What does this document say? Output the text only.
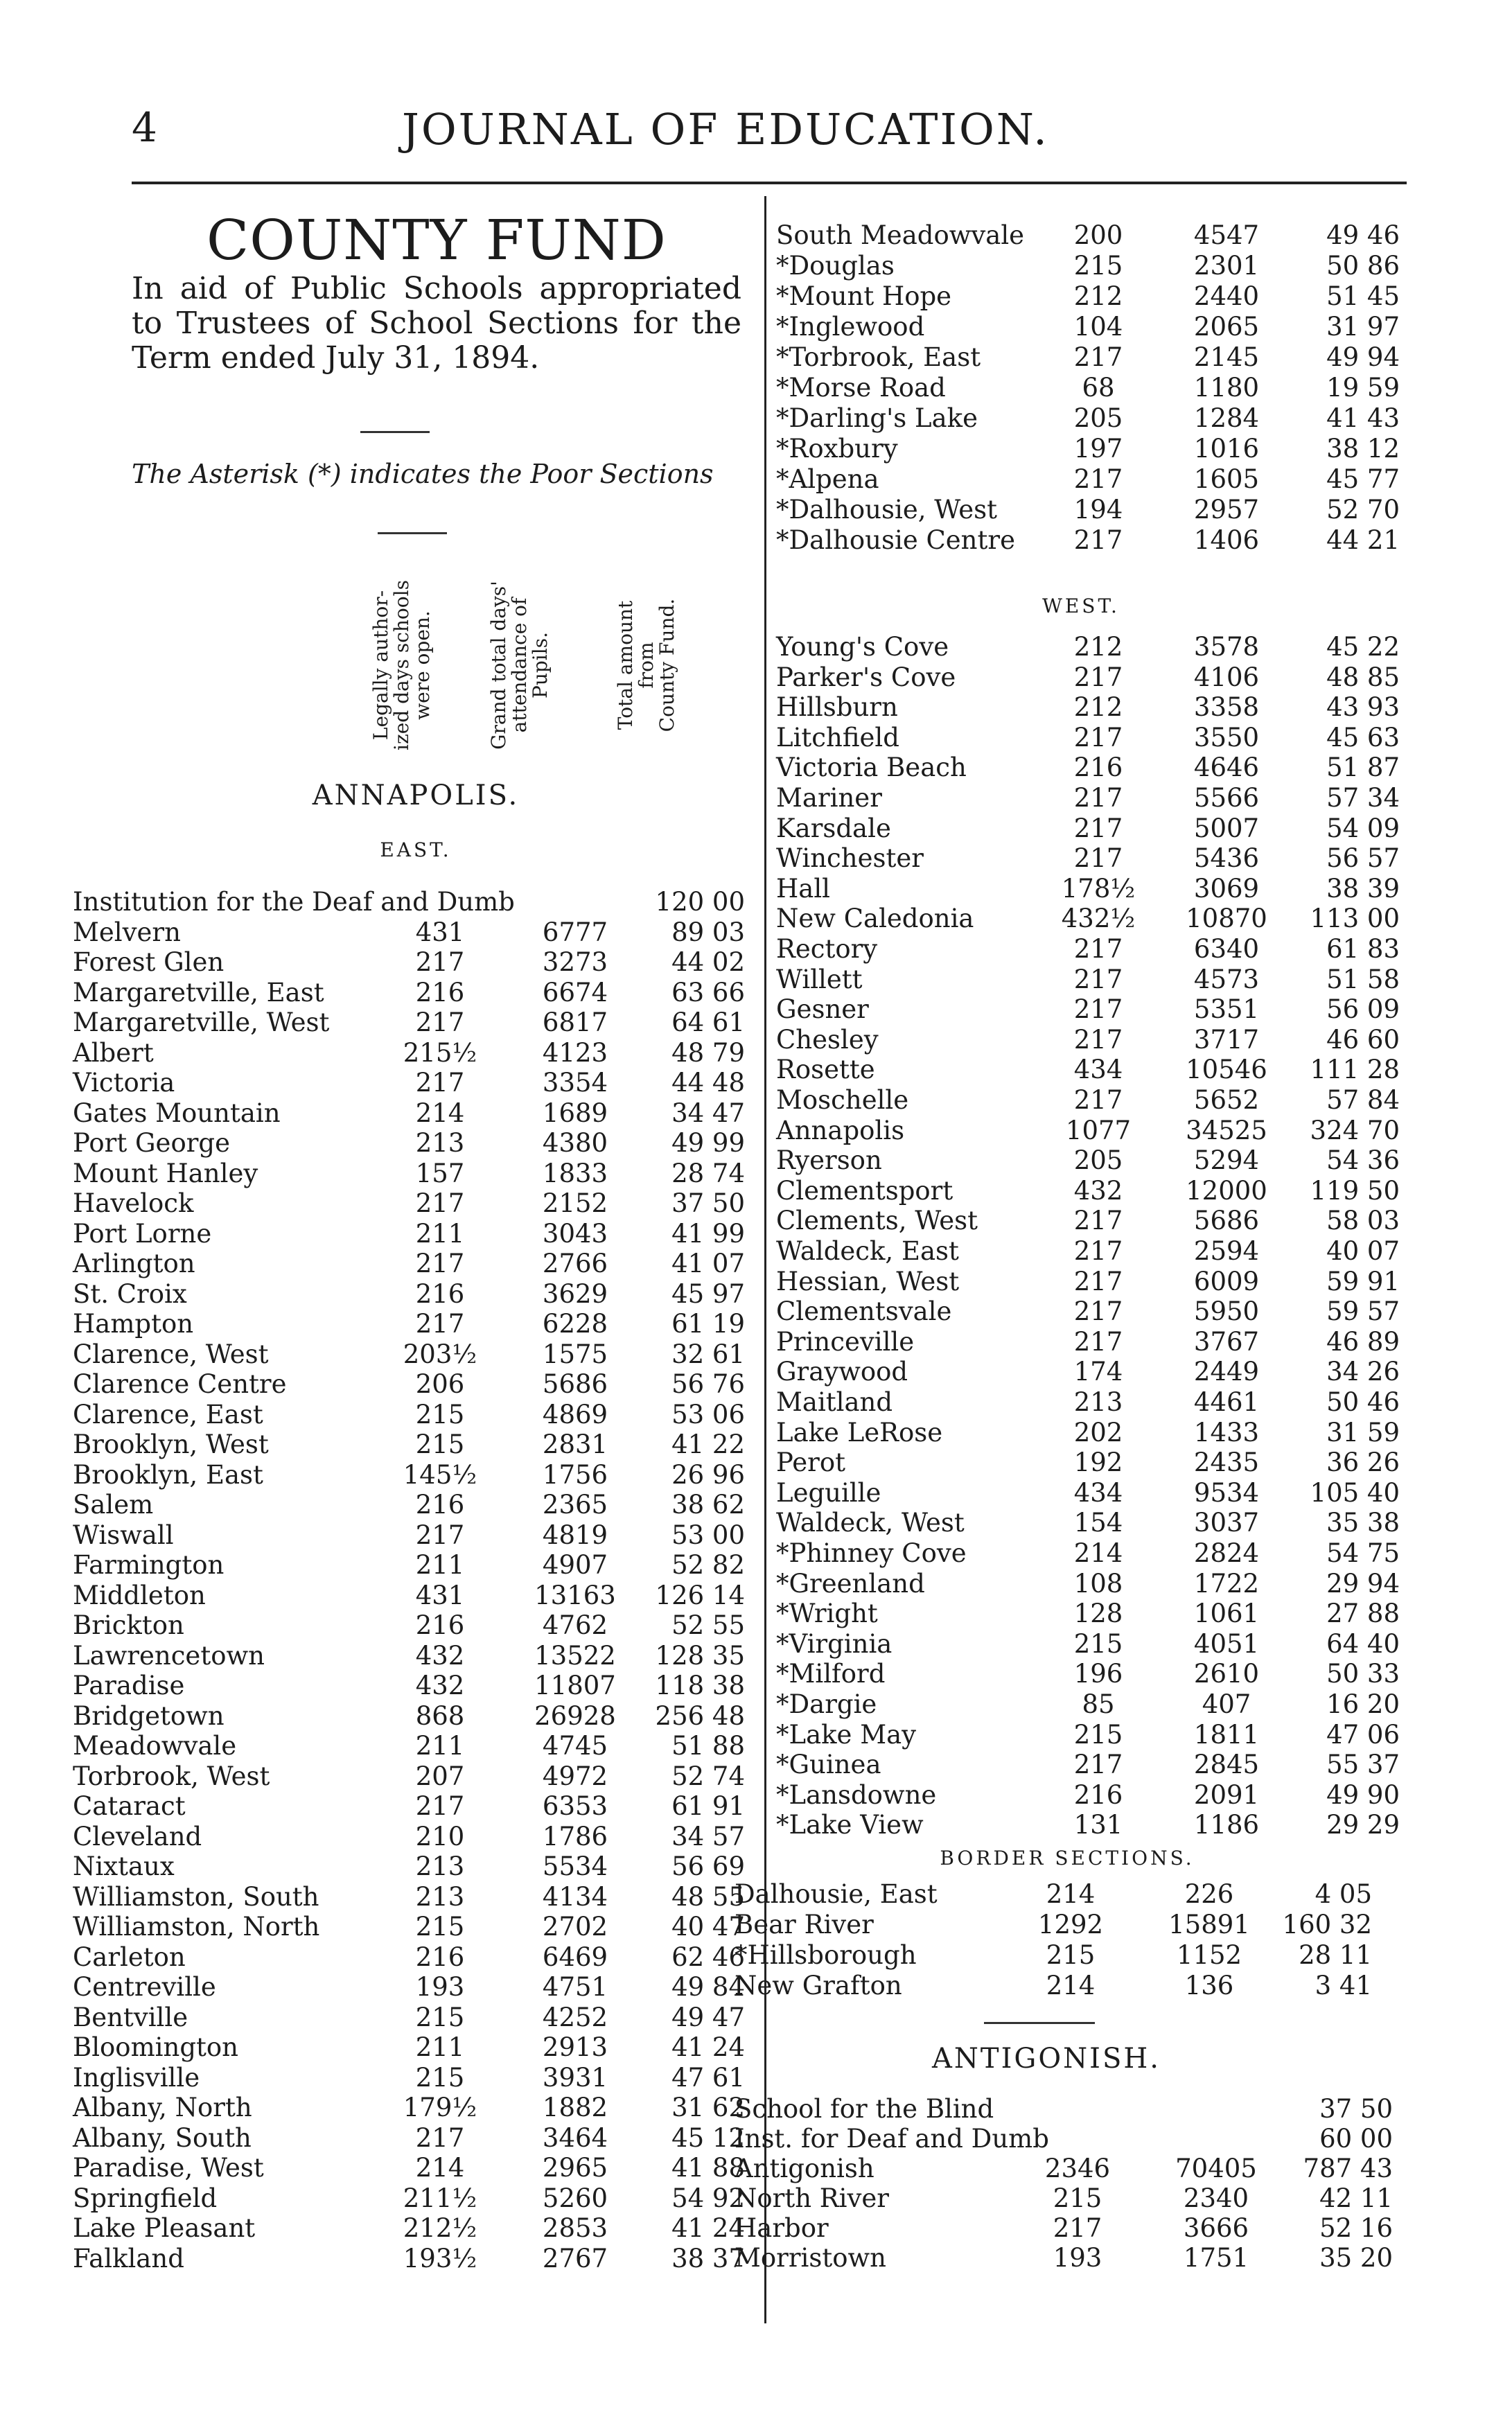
4	JOURNAL OF EDUCATION.
COUNTY FUND
In aid of Public Schools appropriated to Trustees of School Sections for the Term ended July 31, 1894.
The Asterisk (*) indicates the Poor Sections
Legally author-
ized days schools
were open.
Grand total days'
attendance of
Pupils.
Total amount
from
County Fund.
ANNAPOLIS.
EAST.
Institution for the Deaf and Dumb	120 00
Melvern	431	6777	89 03
Forest Glen	217	3273	44 02
Margaretville, East	216	6674	63 66
Margaretville, West	217	6817	64 61
Albert	215½	4123	48 79
Victoria	217	3354	44 48
Gates Mountain	214	1689	34 47
Port George	213	4380	49 99
Mount Hanley	157	1833	28 74
Havelock	217	2152	37 50
Port Lorne	211	3043	41 99
Arlington	217	2766	41 07
St. Croix	216	3629	45 97
Hampton	217	6228	61 19
Clarence, West	203½	1575	32 61
Clarence Centre	206	5686	56 76
Clarence, East	215	4869	53 06
Brooklyn, West	215	2831	41 22
Brooklyn, East	145½	1756	26 96
Salem	216	2365	38 62
Wiswall	217	4819	53 00
Farmington	211	4907	52 82
Middleton	431	13163	126 14
Brickton	216	4762	52 55
Lawrencetown	432	13522	128 35
Paradise	432	11807	118 38
Bridgetown	868	26928	256 48
Meadowvale	211	4745	51 88
Torbrook, West	207	4972	52 74
Cataract	217	6353	61 91
Cleveland	210	1786	34 57
Nixtaux	213	5534	56 69
Williamston, South	213	4134	48 55
Williamston, North	215	2702	40 47
Carleton	216	6469	62 46
Centreville	193	4751	49 84
Bentville	215	4252	49 47
Bloomington	211	2913	41 24
Inglisville	215	3931	47 61
Albany, North	179½	1882	31 62
Albany, South	217	3464	45 12
Paradise, West	214	2965	41 88
Springfield	211½	5260	54 92
Lake Pleasant	212½	2853	41 24
Falkland	193½	2767	38 37
South Meadowvale	200	4547	49 46
*Douglas	215	2301	50 86
*Mount Hope	212	2440	51 45
*Inglewood	104	2065	31 97
*Torbrook, East	217	2145	49 94
*Morse Road	68	1180	19 59
*Darling's Lake	205	1284	41 43
*Roxbury	197	1016	38 12
*Alpena	217	1605	45 77
*Dalhousie, West	194	2957	52 70
*Dalhousie Centre	217	1406	44 21
WEST.
Young's Cove	212	3578	45 22
Parker's Cove	217	4106	48 85
Hillsburn	212	3358	43 93
Litchfield	217	3550	45 63
Victoria Beach	216	4646	51 87
Mariner	217	5566	57 34
Karsdale	217	5007	54 09
Winchester	217	5436	56 57
Hall	178½	3069	38 39
New Caledonia	432½	10870	113 00
Rectory	217	6340	61 83
Willett	217	4573	51 58
Gesner	217	5351	56 09
Chesley	217	3717	46 60
Rosette	434	10546	111 28
Moschelle	217	5652	57 84
Annapolis	1077	34525	324 70
Ryerson	205	5294	54 36
Clementsport	432	12000	119 50
Clements, West	217	5686	58 03
Waldeck, East	217	2594	40 07
Hessian, West	217	6009	59 91
Clementsvale	217	5950	59 57
Princeville	217	3767	46 89
Graywood	174	2449	34 26
Maitland	213	4461	50 46
Lake LeRose	202	1433	31 59
Perot	192	2435	36 26
Leguille	434	9534	105 40
Waldeck, West	154	3037	35 38
*Phinney Cove	214	2824	54 75
*Greenland	108	1722	29 94
*Wright	128	1061	27 88
*Virginia	215	4051	64 40
*Milford	196	2610	50 33
*Dargie	85	407	16 20
*Lake May	215	1811	47 06
*Guinea	217	2845	55 37
*Lansdowne	216	2091	49 90
*Lake View	131	1186	29 29
BORDER SECTIONS.
Dalhousie, East	214	226	4 05
Bear River	1292	15891	160 32
*Hillsborough	215	1152	28 11
New Grafton	214	136	3 41
ANTIGONISH.
School for the Blind	37 50
Inst. for Deaf and Dumb	60 00
Antigonish	2346	70405	787 43
North River	215	2340	42 11
Harbor	217	3666	52 16
Morristown	193	1751	35 20
